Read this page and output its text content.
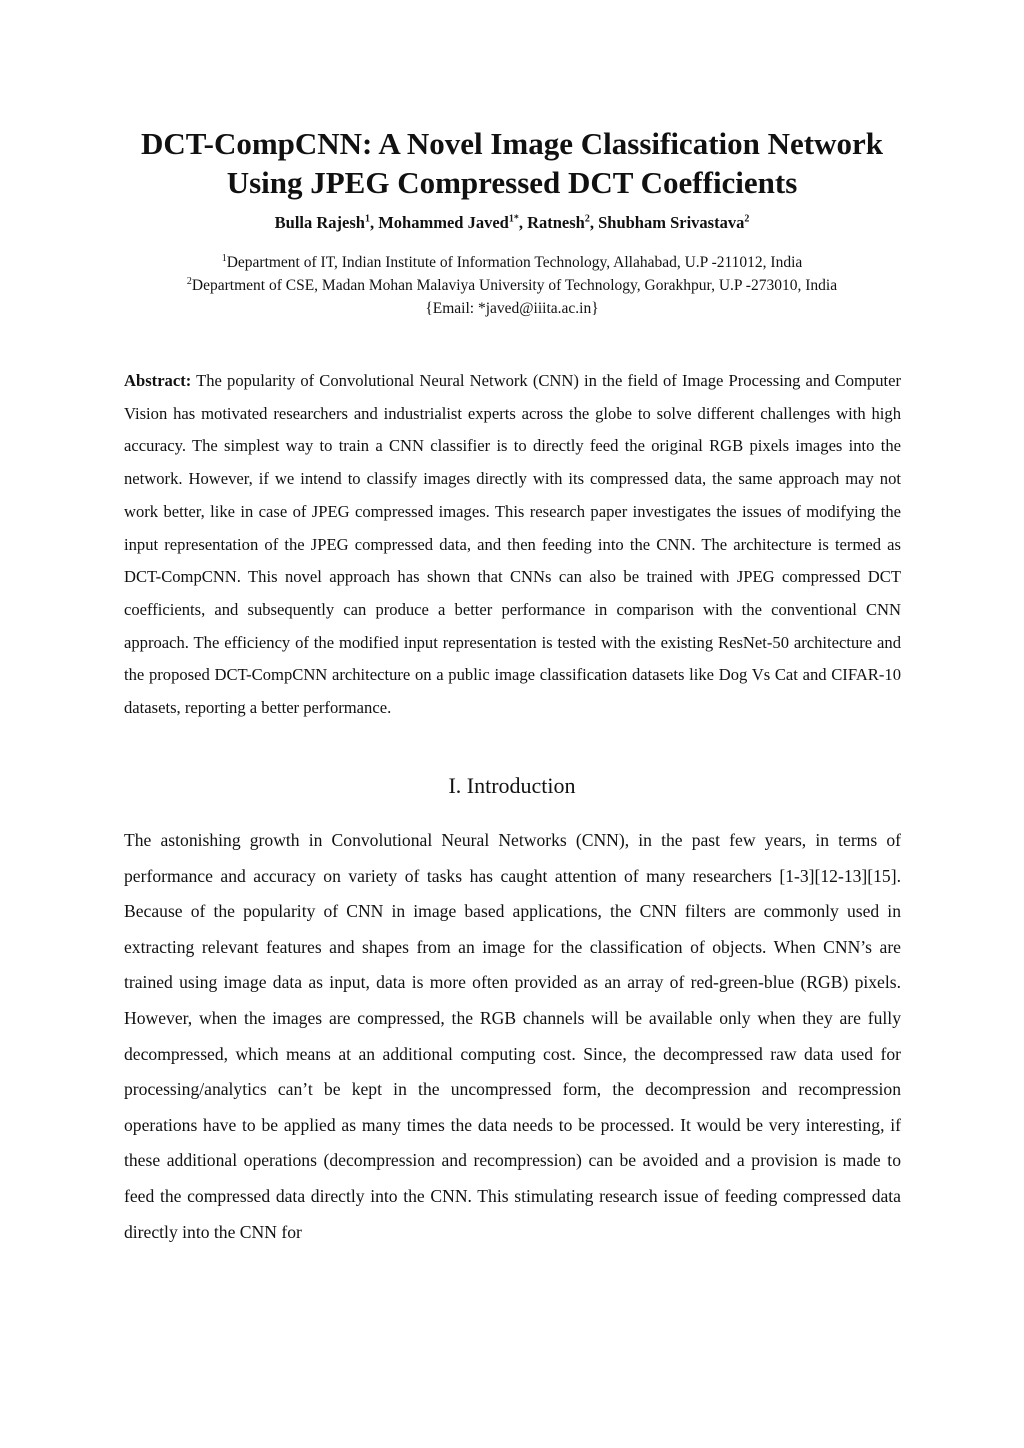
DCT-CompCNN: A Novel Image Classification Network
Using JPEG Compressed DCT Coefficients
Bulla Rajesh$^1$, Mohammed Javed$^{1*}$, Ratnesh$^2$, Shubham Srivastava$^2$
$^1$Department of IT, Indian Institute of Information Technology, Allahabad, U.P -211012, India
$^2$Department of CSE, Madan Mohan Malaviya University of Technology, Gorakhpur, U.P -273010, India
{Email: *javed@iiita.ac.in}

Abstract: The popularity of Convolutional Neural Network (CNN) in the field of Image Processing and Computer Vision has motivated researchers and industrialist experts across the globe to solve different challenges with high accuracy. The simplest way to train a CNN classifier is to directly feed the original RGB pixels images into the network. However, if we intend to classify images directly with its compressed data, the same approach may not work better, like in case of JPEG compressed images. This research paper investigates the issues of modifying the input representation of the JPEG compressed data, and then feeding into the CNN. The architecture is termed as DCT-CompCNN. This novel approach has shown that CNNs can also be trained with JPEG compressed DCT coefficients, and subsequently can produce a better performance in comparison with the conventional CNN approach. The efficiency of the modified input representation is tested with the existing ResNet-50 architecture and the proposed DCT-CompCNN architecture on a public image classification datasets like Dog Vs Cat and CIFAR-10 datasets, reporting a better performance.

I. Introduction

The astonishing growth in Convolutional Neural Networks (CNN), in the past few years, in terms of performance and accuracy on variety of tasks has caught attention of many researchers [1-3][12-13][15]. Because of the popularity of CNN in image based applications, the CNN filters are commonly used in extracting relevant features and shapes from an image for the classification of objects. When CNN’s are trained using image data as input, data is more often provided as an array of red-green-blue (RGB) pixels. However, when the images are compressed, the RGB channels will be available only when they are fully decompressed, which means at an additional computing cost. Since, the decompressed raw data used for processing/analytics can’t be kept in the uncompressed form, the decompression and recompression operations have to be applied as many times the data needs to be processed. It would be very interesting, if these additional operations (decompression and recompression) can be avoided and a provision is made to feed the compressed data directly into the CNN. This stimulating research issue of feeding compressed data directly into the CNN for
